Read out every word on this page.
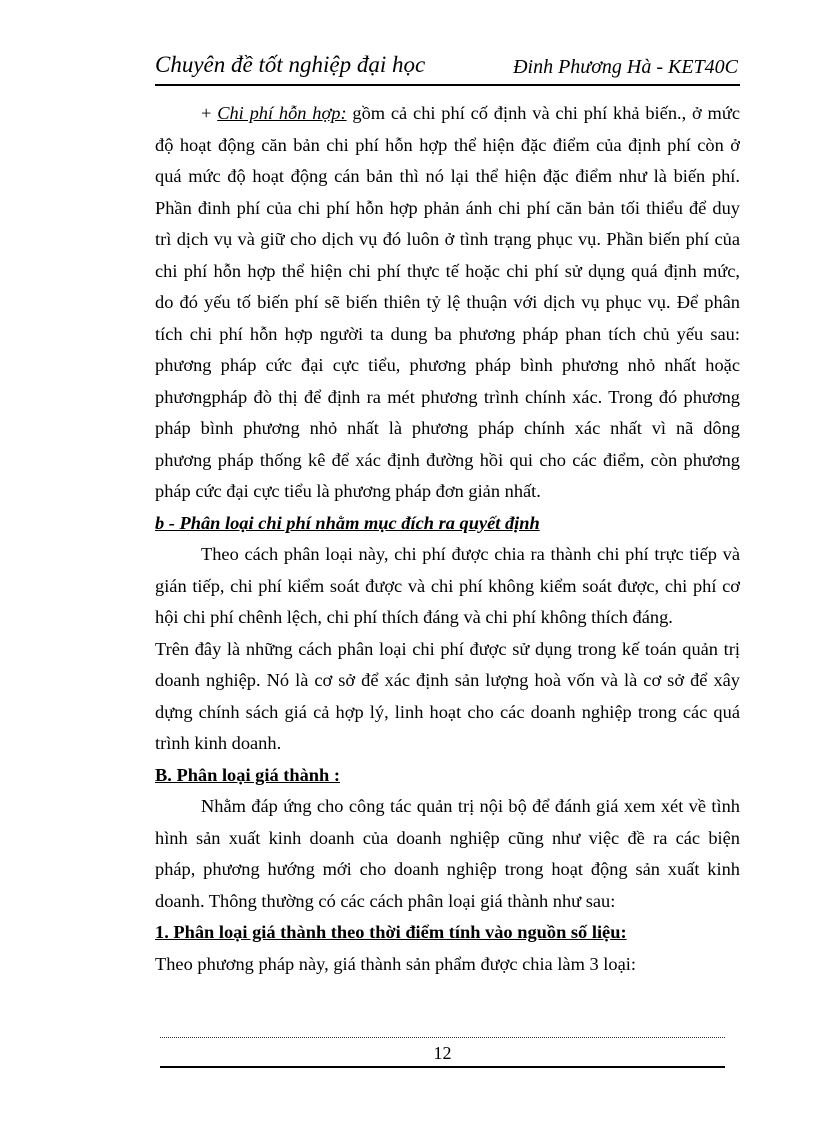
Chuyên đề tốt nghiệp đại học	Đinh Phương Hà - KET40C
+ Chi phí hỗn hợp: gồm cả chi phí cố định và chi phí khả biến., ở mức
độ hoạt động căn bản chi phí hỗn hợp thể hiện đặc điểm của định phí còn ở
quá mức độ hoạt động cán bản thì nó lại thể hiện đặc điểm như là biến phí.
Phần đinh phí của chi phí hỗn hợp phản ánh chi phí căn bản tối thiểu để duy
trì dịch vụ và giữ cho dịch vụ đó luôn ở tình trạng phục vụ. Phần biến phí của
chi phí hỗn hợp thể hiện chi phí thực tế hoặc chi phí sử dụng quá định mức,
do đó yếu tố biến phí sẽ biến thiên tỷ lệ thuận với dịch vụ phục vụ. Để phân
tích chi phí hỗn hợp người ta dung ba phương pháp phan tích chủ yếu sau:
phương pháp cức đại cực tiểu, phương pháp bình phương nhỏ nhất hoặc
phươngpháp đò thị để định ra mét phương trình chính xác. Trong đó phương
pháp bình phương nhỏ nhất là phương pháp chính xác nhất vì nã dông
phương pháp thống kê để xác định đường hồi qui cho các điểm, còn phương
pháp cức đại cực tiểu là phương pháp đơn giản nhất.
b - Phân loại chi phí nhằm mục đích ra quyết định
Theo cách phân loại này, chi phí được chia ra thành chi phí trực tiếp và
gián tiếp, chi phí kiểm soát được và chi phí không kiểm soát được, chi phí cơ
hội chi phí chênh lệch, chi phí thích đáng và chi phí không thích đáng.
Trên đây là những cách phân loại chi phí được sử dụng trong kế toán quản trị
doanh nghiệp. Nó là cơ sở để xác định sản lượng hoà vốn và là cơ sở để xây
dựng chính sách giá cả hợp lý, linh hoạt cho các doanh nghiệp trong các quá
trình kinh doanh.
B. Phân loại giá thành :
Nhằm đáp ứng cho công tác quản trị nội bộ để đánh giá xem xét về tình
hình sản xuất kinh doanh của doanh nghiệp cũng như việc đề ra các biện
pháp, phương hướng mới cho doanh nghiệp trong hoạt động sản xuất kinh
doanh. Thông thường có các cách phân loại giá thành như sau:
1. Phân loại giá thành theo thời điểm tính vào nguồn số liệu:
Theo phương pháp này, giá thành sản phẩm được chia làm 3 loại:
12
